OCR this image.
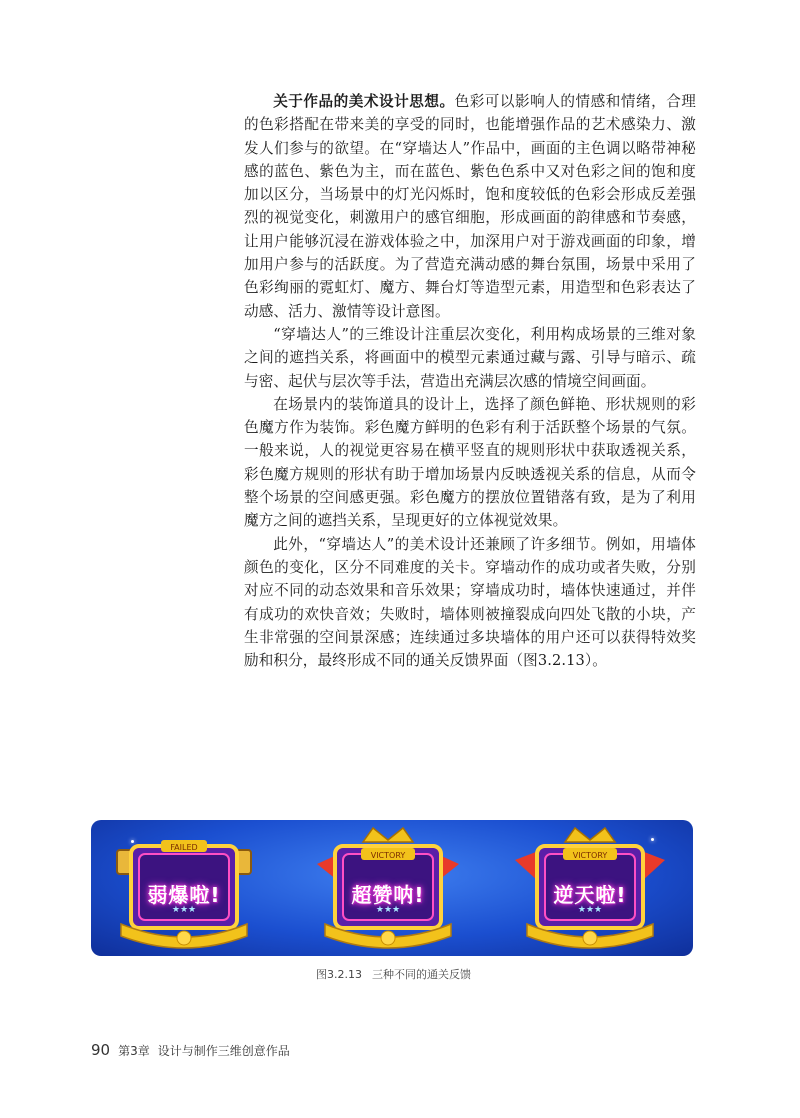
关于作品的美术设计思想。色彩可以影响人的情感和情绪，合理的色彩搭配在带来美的享受的同时，也能增强作品的艺术感染力、激发人们参与的欲望。在“穿墙达人”作品中，画面的主色调以略带神秘感的蓝色、紫色为主，而在蓝色、紫色色系中又对色彩之间的饱和度加以区分，当场景中的灯光闪烁时，饱和度较低的色彩会形成反差强烈的视觉变化，刺激用户的感官细胞，形成画面的韵律感和节奏感，让用户能够沉浸在游戏体验之中，加深用户对于游戏画面的印象，增加用户参与的活跃度。为了营造充满动感的舞台氛围，场景中采用了色彩绚丽的霓虹灯、魔方、舞台灯等造型元素，用造型和色彩表达了动感、活力、激情等设计意图。

“穿墙达人”的三维设计注重层次变化，利用构成场景的三维对象之间的遮挡关系，将画面中的模型元素通过藏与露、引导与暗示、疏与密、起伏与层次等手法，营造出充满层次感的情境空间画面。

在场景内的装饰道具的设计上，选择了颜色鲜艳、形状规则的彩色魔方作为装饰。彩色魔方鲜明的色彩有利于活跃整个场景的气氛。一般来说，人的视觉更容易在横平竖直的规则形状中获取透视关系，彩色魔方规则的形状有助于增加场景内反映透视关系的信息，从而令整个场景的空间感更强。彩色魔方的摆放位置错落有致，是为了利用魔方之间的遮挡关系，呈现更好的立体视觉效果。

此外，“穿墙达人”的美术设计还兼顾了许多细节。例如，用墙体颜色的变化，区分不同难度的关卡。穿墙动作的成功或者失败，分别对应不同的动态效果和音乐效果；穿墙成功时，墙体快速通过，并伴有成功的欢快音效；失败时，墙体则被撞裂成向四处飞散的小块，产生非常强的空间景深感；连续通过多块墙体的用户还可以获得特效奖励和积分，最终形成不同的通关反馈界面（图3.2.13）。

FAILED
★★★
弱爆啦!
VICTORY
★★★
超赞呐!
VICTORY
★★★
逆天啦!
图3.2.13 三种不同的通关反馈
90 第3章 设计与制作三维创意作品
